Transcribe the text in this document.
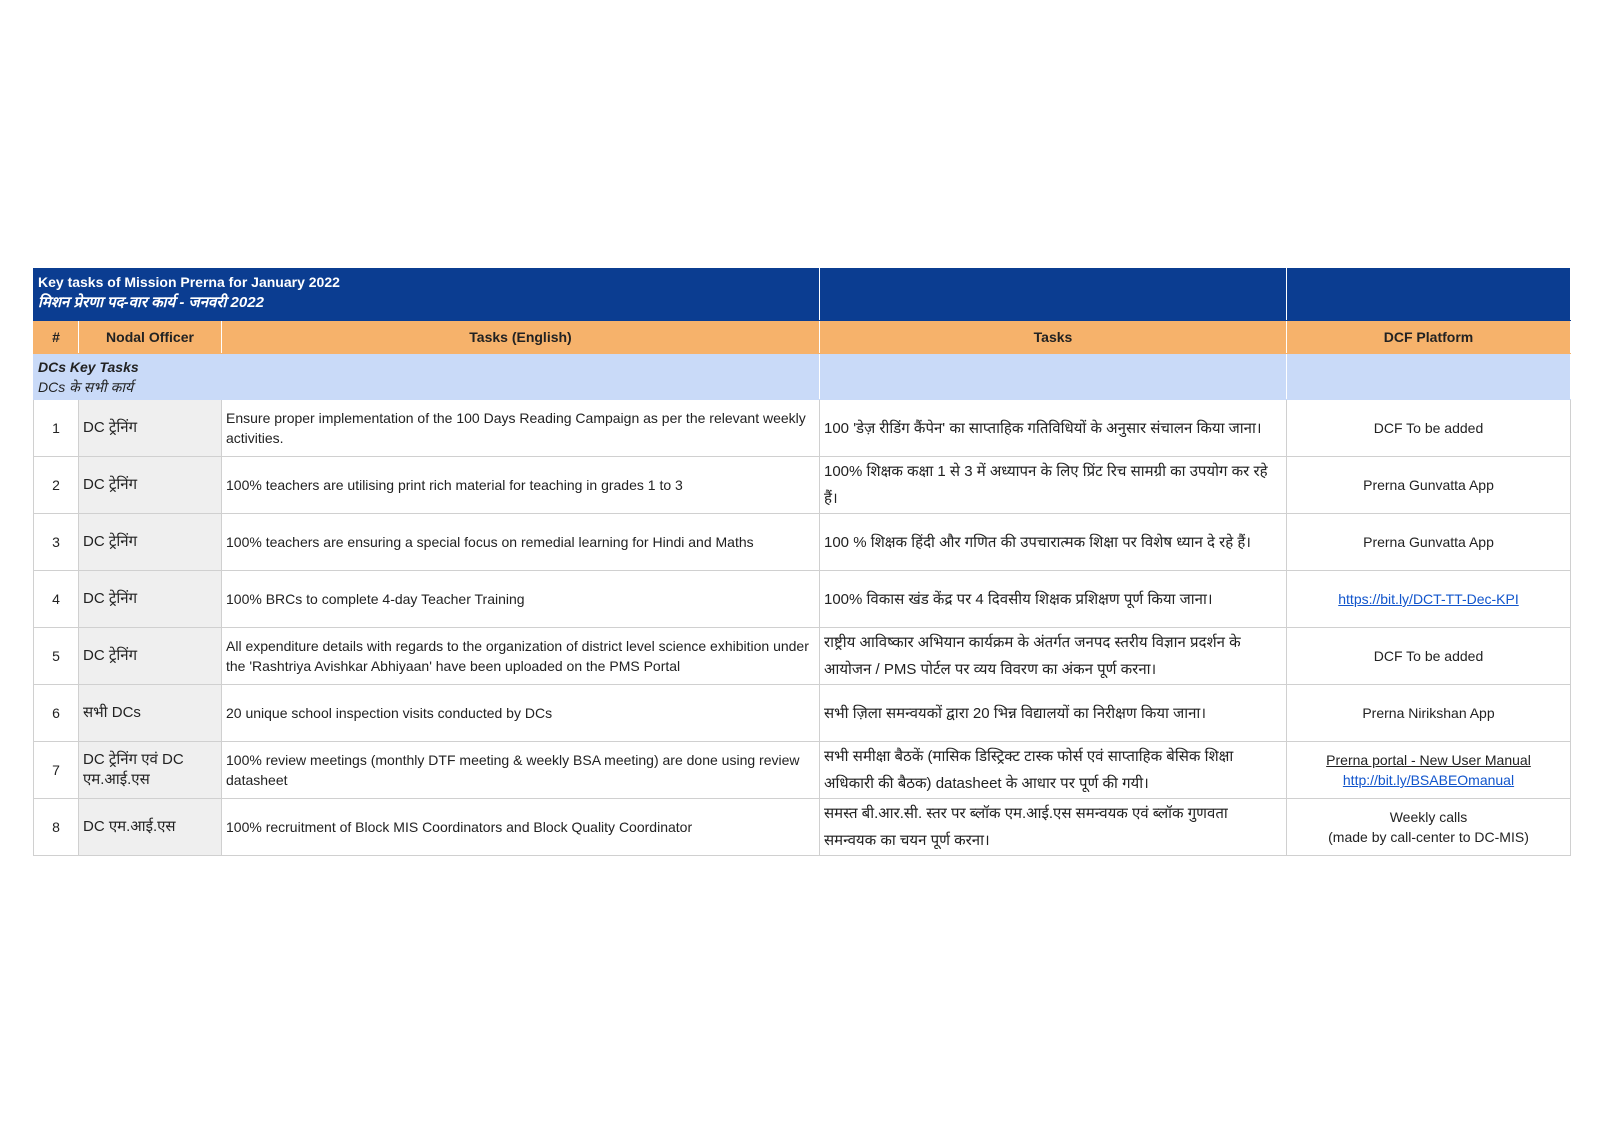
Key tasks of Mission Prerna for January 2022
मिशन प्रेरणा पद-वार कार्य - जनवरी 2022				

#	Nodal Officer	Tasks (English)	Tasks	DCF Platform

DCs Key Tasks
DCs के सभी कार्य				

1	DC ट्रेनिंग	Ensure proper implementation of the 100 Days Reading Campaign as per the relevant weekly activities.	100 'डेज़ रीडिंग कैंपेन' का साप्ताहिक गतिविधियों के अनुसार संचालन किया जाना।	DCF To be added
2	DC ट्रेनिंग	100% teachers are utilising print rich material for teaching in grades 1 to 3	100% शिक्षक कक्षा 1 से 3 में अध्यापन के लिए प्रिंट रिच सामग्री का उपयोग कर रहे हैं।	Prerna Gunvatta App
3	DC ट्रेनिंग	100% teachers are ensuring a special focus on remedial learning for Hindi and Maths	100 % शिक्षक हिंदी और गणित की उपचारात्मक शिक्षा पर विशेष ध्यान दे रहे हैं।	Prerna Gunvatta App
4	DC ट्रेनिंग	100% BRCs to complete 4-day Teacher Training	100% विकास खंड केंद्र पर 4 दिवसीय शिक्षक प्रशिक्षण पूर्ण किया जाना।	https://bit.ly/DCT-TT-Dec-KPI
5	DC ट्रेनिंग	All expenditure details with regards to the organization of district level science exhibition under the 'Rashtriya Avishkar Abhiyaan' have been uploaded on the PMS Portal	राष्ट्रीय आविष्कार अभियान कार्यक्रम के अंतर्गत जनपद स्तरीय विज्ञान प्रदर्शन के आयोजन / PMS पोर्टल पर व्यय विवरण का अंकन पूर्ण करना।	DCF To be added
6	सभी DCs	20 unique school inspection visits conducted by DCs	सभी ज़िला समन्वयकों द्वारा 20 भिन्न विद्यालयों का निरीक्षण किया जाना।	Prerna Nirikshan App
7	DC ट्रेनिंग एवं DC एम.आई.एस	100% review meetings (monthly DTF meeting & weekly BSA meeting) are done using review datasheet	सभी समीक्षा बैठकें (मासिक डिस्ट्रिक्ट टास्क फोर्स एवं साप्ताहिक बेसिक शिक्षा अधिकारी की बैठक) datasheet के आधार पर पूर्ण की गयी।	Prerna portal - New User Manual
http://bit.ly/BSABEOmanual

8	DC एम.आई.एस	100% recruitment of Block MIS Coordinators and Block Quality Coordinator	समस्त बी.आर.सी. स्तर पर ब्लॉक एम.आई.एस समन्वयक एवं ब्लॉक गुणवता समन्वयक का चयन पूर्ण करना।	Weekly calls
(made by call-center to DC-MIS)
